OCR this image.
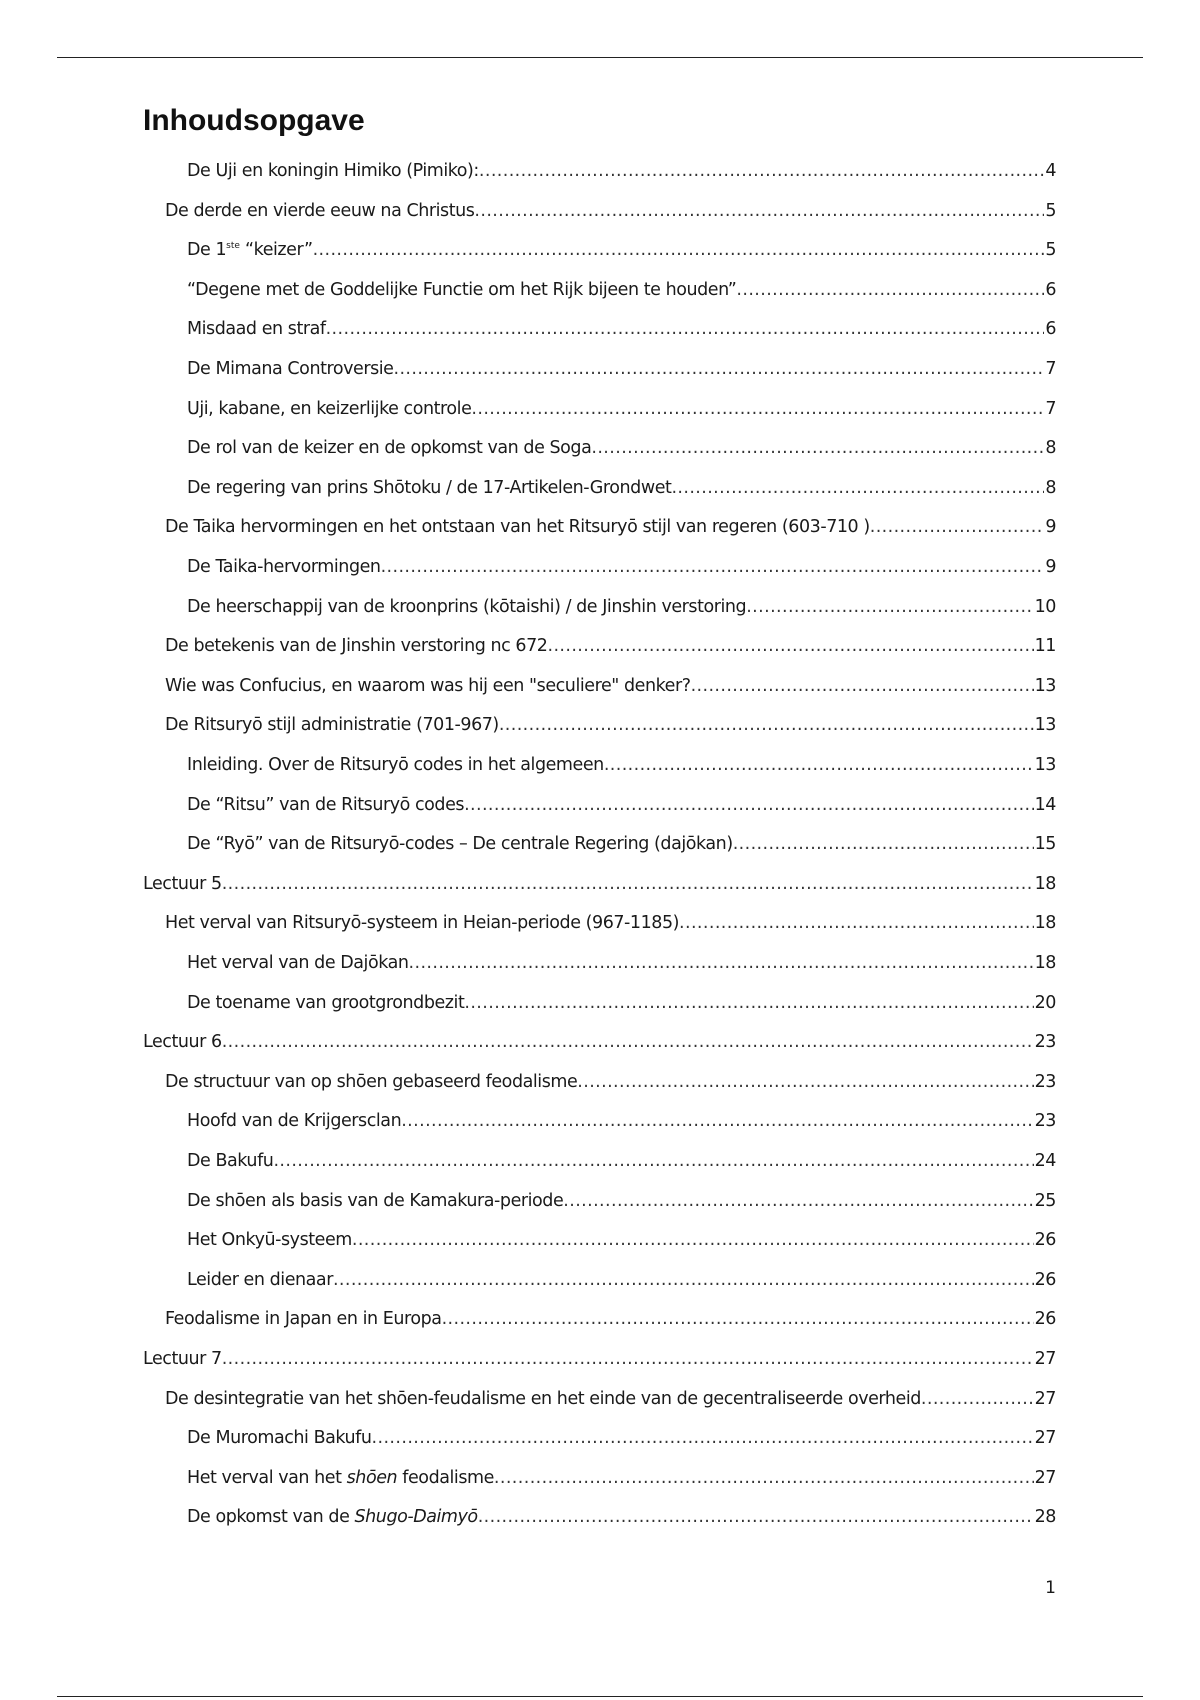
Inhoudsopgave
De Uji en koningin Himiko (Pimiko): .....	4
De derde en vierde eeuw na Christus .....	5
De 1ste “keizer” .....	5
“Degene met de Goddelijke Functie om het Rijk bijeen te houden” .....	6
Misdaad en straf .....	6
De Mimana Controversie .....	7
Uji, kabane, en keizerlijke controle .....	7
De rol van de keizer en de opkomst van de Soga .....	8
De regering van prins Shōtoku / de 17-Artikelen-Grondwet .....	8
De Taika hervormingen en het ontstaan van het Ritsuryō stijl van regeren (603-710 ) .....	9
De Taika-hervormingen .....	9
De heerschappij van de kroonprins (kōtaishi) / de Jinshin verstoring .....	10
De betekenis van de Jinshin verstoring nc 672 .....	11
Wie was Confucius, en waarom was hij een "seculiere" denker? .....	13
De Ritsuryō stijl administratie (701-967) .....	13
Inleiding. Over de Ritsuryō codes in het algemeen .....	13
De “Ritsu” van de Ritsuryō codes .....	14
De “Ryō” van de Ritsuryō-codes – De centrale Regering (dajōkan) .....	15
Lectuur 5 .....	18
Het verval van Ritsuryō-systeem in Heian-periode (967-1185) .....	18
Het verval van de Dajōkan .....	18
De toename van grootgrondbezit .....	20
Lectuur 6 .....	23
De structuur van op shōen gebaseerd feodalisme .....	23
Hoofd van de Krijgersclan .....	23
De Bakufu .....	24
De shōen als basis van de Kamakura-periode .....	25
Het Onkyū-systeem .....	26
Leider en dienaar .....	26
Feodalisme in Japan en in Europa .....	26
Lectuur 7 .....	27
De desintegratie van het shōen-feudalisme en het einde van de gecentraliseerde overheid .....	27
De Muromachi Bakufu .....	27
Het verval van het shōen feodalisme .....	27
De opkomst van de Shugo-Daimyō .....	28
1
